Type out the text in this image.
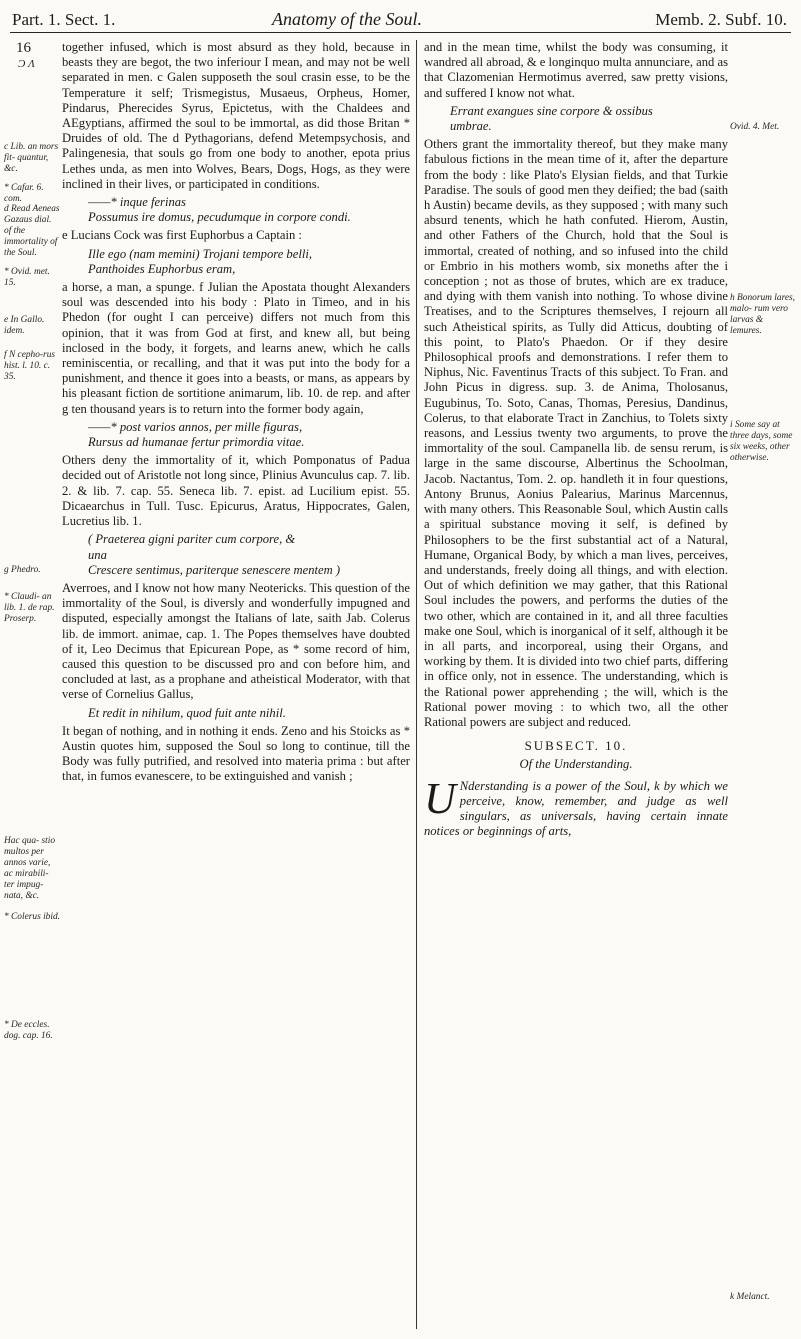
Part. 1. Sect. 1.	Anatomy of the Soul.	Memb. 2. Subf. 10.
16
Ɔ Ʌ
c Lib. an mors fit- quantur, &c.
* Cafar. 6. com.
d Read Aeneas Gazaus dial. of the immortality of the Soul.
* Ovid. met. 15.
e In Gallo. idem.
f N cepho-rus hist. l. 10. c. 35.
g Phedro.
* Claudi- an lib. 1. de rap. Proserp.
Hac qua- stio multos per annos varie, ac mirabili- ter impug- nata, &c.
* Colerus ibid.
* De eccles. dog. cap. 16.
Ovid. 4. Met.
h Bonorum lares, malo- rum vero larvas & lemures.
i Some say at three days, some six weeks, other otherwise.
k Melanct.

together infused, which is most absurd as they hold, because in beasts they are begot, the two inferiour I mean, and may not be well separated in men. c Galen supposeth the soul crasin esse, to be the Temperature it self; Trismegistus, Musaeus, Orpheus, Homer, Pindarus, Pherecides Syrus, Epictetus, with the Chaldees and AEgyptians, affirmed the soul to be immortal, as did those Britan * Druides of old. The d Pythagorians, defend Metempsychosis, and Palingenesia, that souls go from one body to another, epota prius Lethes unda, as men into Wolves, Bears, Dogs, Hogs, as they were inclined in their lives, or participated in conditions.

——* inque ferinas
Possumus ire domus, pecudumque in corpore condi.

e Lucians Cock was first Euphorbus a Captain :

Ille ego (nam memini) Trojani tempore belli,
Panthoides Euphorbus eram,

a horse, a man, a spunge. f Julian the Apostata thought Alexanders soul was descended into his body : Plato in Timeo, and in his Phedon (for ought I can perceive) differs not much from this opinion, that it was from God at first, and knew all, but being inclosed in the body, it forgets, and learns anew, which he calls reminiscentia, or recalling, and that it was put into the body for a punishment, and thence it goes into a beasts, or mans, as appears by his pleasant fiction de sortitione animarum, lib. 10. de rep. and after g ten thousand years is to return into the former body again,

——* post varios annos, per mille figuras,
Rursus ad humanae fertur primordia vitae.

Others deny the immortality of it, which Pomponatus of Padua decided out of Aristotle not long since, Plinius Avunculus cap. 7. lib. 2. & lib. 7. cap. 55. Seneca lib. 7. epist. ad Lucilium epist. 55. Dicaearchus in Tull. Tusc. Epicurus, Aratus, Hippocrates, Galen, Lucretius lib. 1.

( Praeterea gigni pariter cum corpore, &
una
Crescere sentimus, pariterque senescere mentem )

Averroes, and I know not how many Neotericks. This question of the immortality of the Soul, is diversly and wonderfully impugned and disputed, especially amongst the Italians of late, saith Jab. Colerus lib. de immort. animae, cap. 1. The Popes themselves have doubted of it, Leo Decimus that Epicurean Pope, as * some record of him, caused this question to be discussed pro and con before him, and concluded at last, as a prophane and atheistical Moderator, with that verse of Cornelius Gallus,

Et redit in nihilum, quod fuit ante nihil.

It began of nothing, and in nothing it ends. Zeno and his Stoicks as * Austin quotes him, supposed the Soul so long to continue, till the Body was fully putrified, and resolved into materia prima : but after that, in fumos evanescere, to be extinguished and vanish ;

and in the mean time, whilst the body was consuming, it wandred all abroad, & e longinquo multa annunciare, and as that Clazomenian Hermotimus averred, saw pretty visions, and suffered I know not what.

Errant exangues sine corpore & ossibus
umbrae.

Others grant the immortality thereof, but they make many fabulous fictions in the mean time of it, after the departure from the body : like Plato's Elysian fields, and that Turkie Paradise. The souls of good men they deified; the bad (saith h Austin) became devils, as they supposed ; with many such absurd tenents, which he hath confuted. Hierom, Austin, and other Fathers of the Church, hold that the Soul is immortal, created of nothing, and so infused into the child or Embrio in his mothers womb, six moneths after the i conception ; not as those of brutes, which are ex traduce, and dying with them vanish into nothing. To whose divine Treatises, and to the Scriptures themselves, I rejourn all such Atheistical spirits, as Tully did Atticus, doubting of this point, to Plato's Phaedon. Or if they desire Philosophical proofs and demonstrations. I refer them to Niphus, Nic. Faventinus Tracts of this subject. To Fran. and John Picus in digress. sup. 3. de Anima, Tholosanus, Eugubinus, To. Soto, Canas, Thomas, Peresius, Dandinus, Colerus, to that elaborate Tract in Zanchius, to Tolets sixty reasons, and Lessius twenty two arguments, to prove the immortality of the soul. Campanella lib. de sensu rerum, is large in the same discourse, Albertinus the Schoolman, Jacob. Nactantus, Tom. 2. op. handleth it in four questions, Antony Brunus, Aonius Palearius, Marinus Marcennus, with many others. This Reasonable Soul, which Austin calls a spiritual substance moving it self, is defined by Philosophers to be the first substantial act of a Natural, Humane, Organical Body, by which a man lives, perceives, and understands, freely doing all things, and with election. Out of which definition we may gather, that this Rational Soul includes the powers, and performs the duties of the two other, which are contained in it, and all three faculties make one Soul, which is inorganical of it self, although it be in all parts, and incorporeal, using their Organs, and working by them. It is divided into two chief parts, differing in office only, not in essence. The understanding, which is the Rational power apprehending ; the will, which is the Rational power moving : to which two, all the other Rational powers are subject and reduced.

SUBSECT. 10.
Of the Understanding.

U Nderstanding is a power of the Soul, k by which we perceive, know, remember, and judge as well singulars, as universals, having certain innate notices or beginnings of arts,
